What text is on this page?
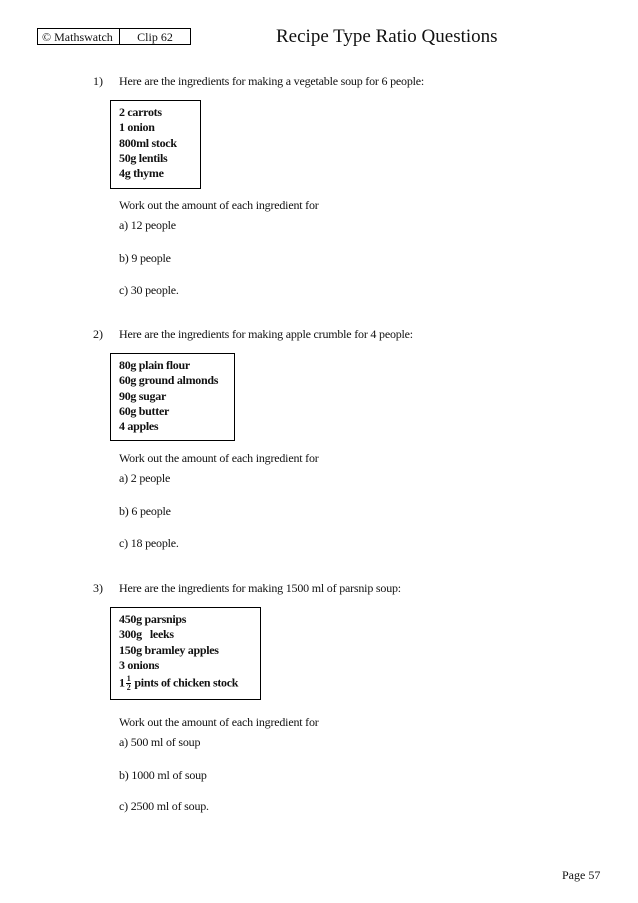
© Mathswatch	Clip 62	Recipe Type Ratio Questions
1) Here are the ingredients for making a vegetable soup for 6 people:
2 carrots
1 onion
800ml stock
50g lentils
4g thyme
Work out the amount of each ingredient for
a) 12 people
b) 9 people
c) 30 people.
2) Here are the ingredients for making apple crumble for 4 people:
80g plain flour
60g ground almonds
90g sugar
60g butter
4 apples
Work out the amount of each ingredient for
a) 2 people
b) 6 people
c) 18 people.
3) Here are the ingredients for making 1500 ml of parsnip soup:
450g parsnips
300g   leeks
150g bramley apples
3 onions
$1 \frac{1}{2}$ pints of chicken stock
Work out the amount of each ingredient for
a) 500 ml of soup
b) 1000 ml of soup
c) 2500 ml of soup.
Page 57
